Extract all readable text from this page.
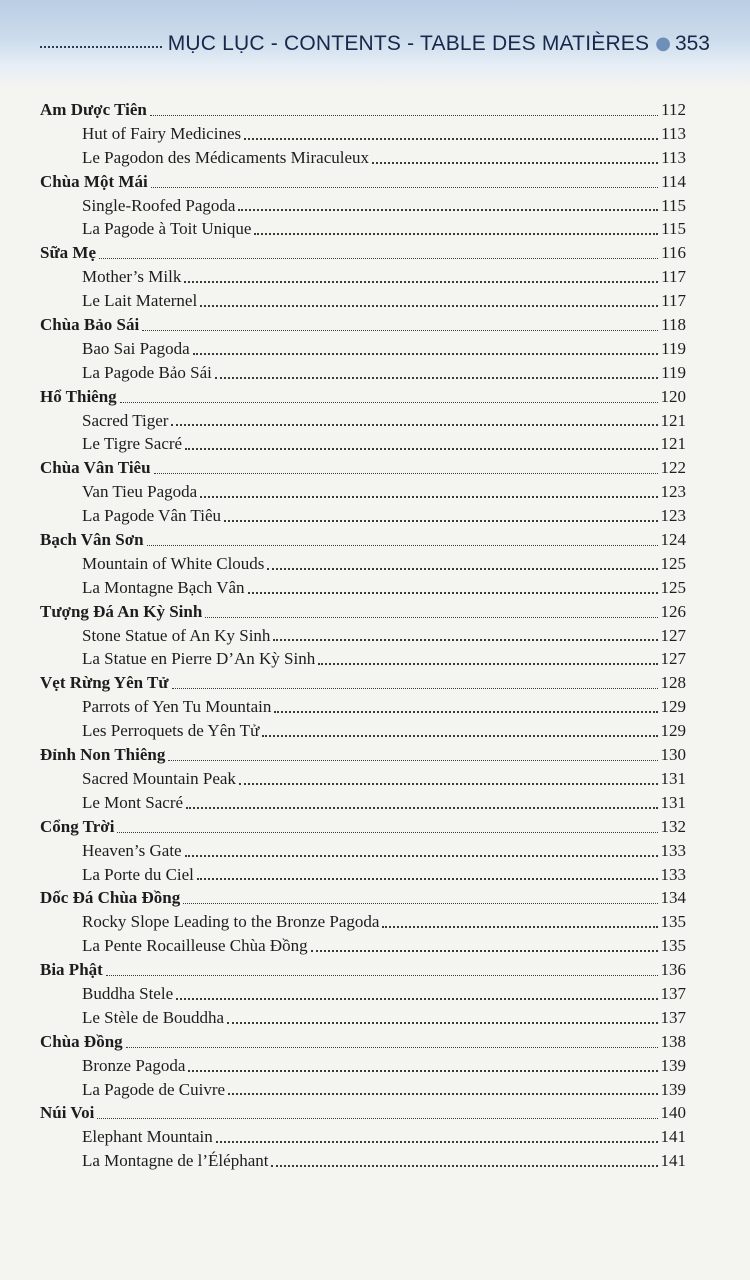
MỤC LỤC - CONTENTS - TABLE DES MATIÈRES ● 353
Am Dược Tiên	112
Hut of Fairy Medicines	113
Le Pagodon des Médicaments Miraculeux	113
Chùa Một Mái	114
Single-Roofed Pagoda	115
La Pagode à Toit Unique	115
Sữa Mẹ	116
Mother’s Milk	117
Le Lait Maternel	117
Chùa Bảo Sái	118
Bao Sai Pagoda	119
La Pagode Bảo Sái	119
Hổ Thiêng	120
Sacred Tiger	121
Le Tigre Sacré	121
Chùa Vân Tiêu	122
Van Tieu Pagoda	123
La Pagode Vân Tiêu	123
Bạch Vân Sơn	124
Mountain of White Clouds	125
La Montagne Bạch Vân	125
Tượng Đá An Kỳ Sinh	126
Stone Statue of An Ky Sinh	127
La Statue en Pierre D’An Kỳ Sinh	127
Vẹt Rừng Yên Tử	128
Parrots of Yen Tu Mountain	129
Les Perroquets de Yên Tử	129
Đỉnh Non Thiêng	130
Sacred Mountain Peak	131
Le Mont Sacré	131
Cổng Trời	132
Heaven’s Gate	133
La Porte du Ciel	133
Dốc Đá Chùa Đồng	134
Rocky Slope Leading to the Bronze Pagoda	135
La Pente Rocailleuse Chùa Đồng	135
Bia Phật	136
Buddha Stele	137
Le Stèle de Bouddha	137
Chùa Đồng	138
Bronze Pagoda	139
La Pagode de Cuivre	139
Núi Voi	140
Elephant Mountain	141
La Montagne de l’Éléphant	141
